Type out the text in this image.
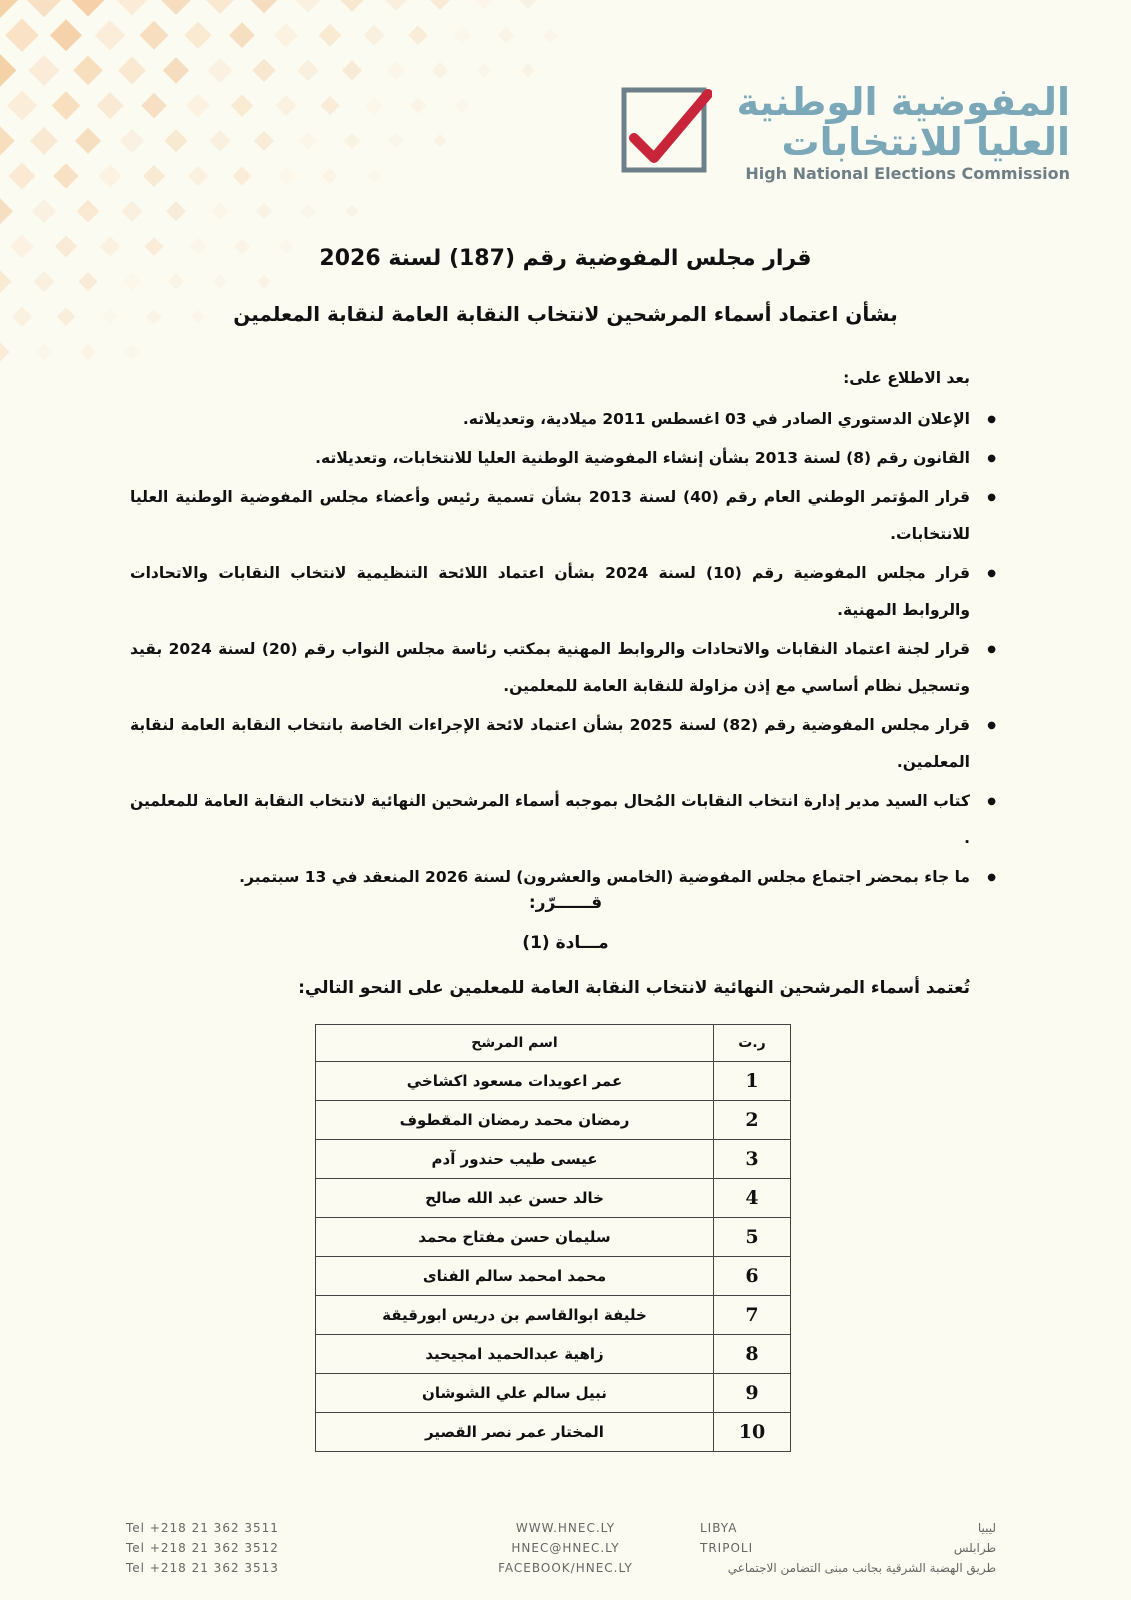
المفوضية الوطنية
العليا للانتخابات
High National Elections Commission
قرار مجلس المفوضية رقم (187) لسنة 2026
بشأن اعتماد أسماء المرشحين لانتخاب النقابة العامة لنقابة المعلمين
بعد الاطلاع على:
● الإعلان الدستوري الصادر في 03 اغسطس 2011 ميلادية، وتعديلاته.
● القانون رقم (8) لسنة 2013 بشأن إنشاء المفوضية الوطنية العليا للانتخابات، وتعديلاته.
● قرار المؤتمر الوطني العام رقم (40) لسنة 2013 بشأن تسمية رئيس وأعضاء مجلس المفوضية الوطنية العليا للانتخابات.
● قرار مجلس المفوضية رقم (10) لسنة 2024 بشأن اعتماد اللائحة التنظيمية لانتخاب النقابات والاتحادات والروابط المهنية.
● قرار لجنة اعتماد النقابات والاتحادات والروابط المهنية بمكتب رئاسة مجلس النواب رقم (20) لسنة 2024 بقيد وتسجيل نظام أساسي مع إذن مزاولة للنقابة العامة للمعلمين.
● قرار مجلس المفوضية رقم (82) لسنة 2025 بشأن اعتماد لائحة الإجراءات الخاصة بانتخاب النقابة العامة لنقابة المعلمين.
● كتاب السيد مدير إدارة انتخاب النقابات المُحال بموجبه أسماء المرشحين النهائية لانتخاب النقابة العامة للمعلمين .
● ما جاء بمحضر اجتماع مجلس المفوضية (الخامس والعشرون) لسنة 2026 المنعقد في 13 سبتمبر.
قــــــرّر:
مـــادة (1)
تُعتمد أسماء المرشحين النهائية لانتخاب النقابة العامة للمعلمين على النحو التالي:
ر.ت	اسم المرشح
1	عمر اعويدات مسعود اكشاخي
2	رمضان محمد رمضان المقطوف
3	عيسى طيب حندور آدم
4	خالد حسن عبد الله صالح
5	سليمان حسن مفتاح محمد
6	محمد امحمد سالم الفناى
7	خليفة ابوالقاسم بن دريس ابورقيقة
8	زاهية عبدالحميد امجيحيد
9	نبيل سالم علي الشوشان
10	المختار عمر نصر القصير
Tel +218 21 362 3511
Tel +218 21 362 3512
Tel +218 21 362 3513
WWW.HNEC.LY
HNEC@HNEC.LY
FACEBOOK/HNEC.LY
LIBYA
TRIPOLI
ليبيا
طرابلس
طريق الهضبة الشرقية بجانب مبنى التضامن الاجتماعي
